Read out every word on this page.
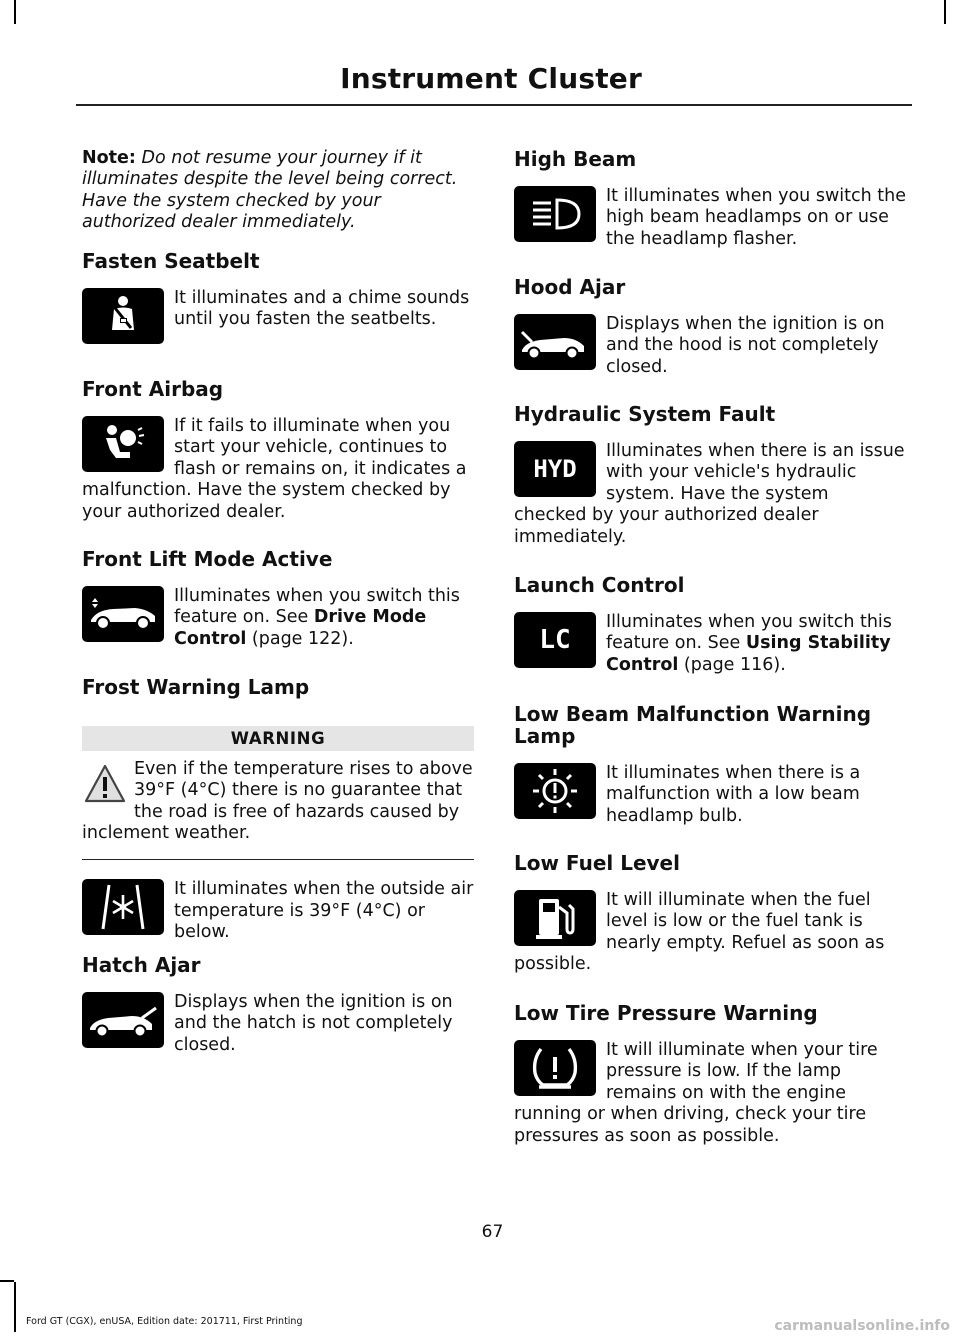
Instrument Cluster

Note: Do not resume your journey if it illuminates despite the level being correct. Have the system checked by your authorized dealer immediately.

Fasten Seatbelt

It illuminates and a chime sounds until you fasten the seatbelts.

Front Airbag

If it fails to illuminate when you start your vehicle, continues to flash or remains on, it indicates a malfunction. Have the system checked by your authorized dealer.

Front Lift Mode Active

Illuminates when you switch this feature on. See Drive Mode Control (page 122).

Frost Warning Lamp
WARNING

Even if the temperature rises to above 39°F (4°C) there is no guarantee that the road is free of hazards caused by inclement weather.

It illuminates when the outside air temperature is 39°F (4°C) or below.

Hatch Ajar

Displays when the ignition is on and the hatch is not completely closed.

High Beam

It illuminates when you switch the high beam headlamps on or use the headlamp flasher.

Hood Ajar

Displays when the ignition is on and the hood is not completely closed.

Hydraulic System Fault
HYD

Illuminates when there is an issue with your vehicle's hydraulic system. Have the system checked by your authorized dealer immediately.

Launch Control
LC

Illuminates when you switch this feature on. See Using Stability Control (page 116).

Low Beam Malfunction Warning Lamp

It illuminates when there is a malfunction with a low beam headlamp bulb.

Low Fuel Level

It will illuminate when the fuel level is low or the fuel tank is nearly empty. Refuel as soon as possible.

Low Tire Pressure Warning

It will illuminate when your tire pressure is low. If the lamp remains on with the engine running or when driving, check your tire pressures as soon as possible.

67
Ford GT (CGX), enUSA, Edition date: 201711, First Printing	carmanualsonline.info
